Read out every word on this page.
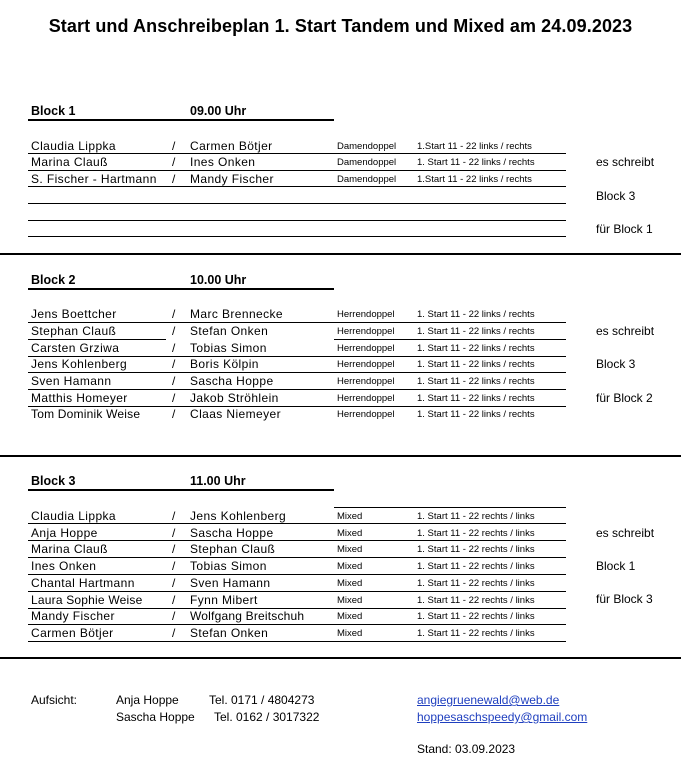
Start und Anschreibeplan 1. Start Tandem und Mixed am 24.09.2023
Block 1	09.00 Uhr
Claudia Lippka	/ Carmen Bötjer	Damendoppel 1.Start 11 - 22 links / rechts
Marina Clauß	/ Ines Onken	Damendoppel 1. Start 11 - 22 links / rechts
S. Fischer - Hartmann / Mandy Fischer	Damendoppel 1.Start 11 - 22 links / rechts
es schreibt
Block 3
für Block 1
Block 2	10.00 Uhr
Jens Boettcher	/ Marc Brennecke	Herrendoppel 1. Start 11 - 22 links / rechts
Stephan Clauß	/ Stefan Onken	Herrendoppel 1. Start 11 - 22 links / rechts
Carsten Grziwa	/ Tobias Simon	Herrendoppel 1. Start 11 - 22 links / rechts
Jens Kohlenberg	/ Boris Kölpin	Herrendoppel 1. Start 11 - 22 links / rechts
Sven Hamann	/ Sascha Hoppe	Herrendoppel 1. Start 11 - 22 links / rechts
Matthis Homeyer	/ Jakob Ströhlein	Herrendoppel 1. Start 11 - 22 links / rechts
Tom Dominik Weise	/ Claas Niemeyer	Herrendoppel 1. Start 11 - 22 links / rechts
es schreibt
Block 3
für Block 2
Block 3	11.00 Uhr
Claudia Lippka	/ Jens Kohlenberg	Mixed	1. Start 11 - 22 rechts / links
Anja Hoppe	/ Sascha Hoppe	Mixed	1. Start 11 - 22 rechts / links
Marina Clauß	/ Stephan Clauß	Mixed	1. Start 11 - 22 rechts / links
Ines Onken	/ Tobias Simon	Mixed	1. Start 11 - 22 rechts / links
Chantal Hartmann	/ Sven Hamann	Mixed	1. Start 11 - 22 rechts / links
Laura Sophie Weise / Fynn Mibert	Mixed	1. Start 11 - 22 rechts / links
Mandy Fischer	/ Wolfgang Breitschuh	Mixed	1. Start 11 - 22 rechts / links
Carmen Bötjer	/ Stefan Onken	Mixed	1. Start 11 - 22 rechts / links
es schreibt
Block 1
für Block 3
Aufsicht:	Anja Hoppe	Tel. 0171 / 4804273
Sascha Hoppe Tel. 0162 / 3017322
angiegruenewald@web.de
hoppesaschspeedy@gmail.com
Stand: 03.09.2023
